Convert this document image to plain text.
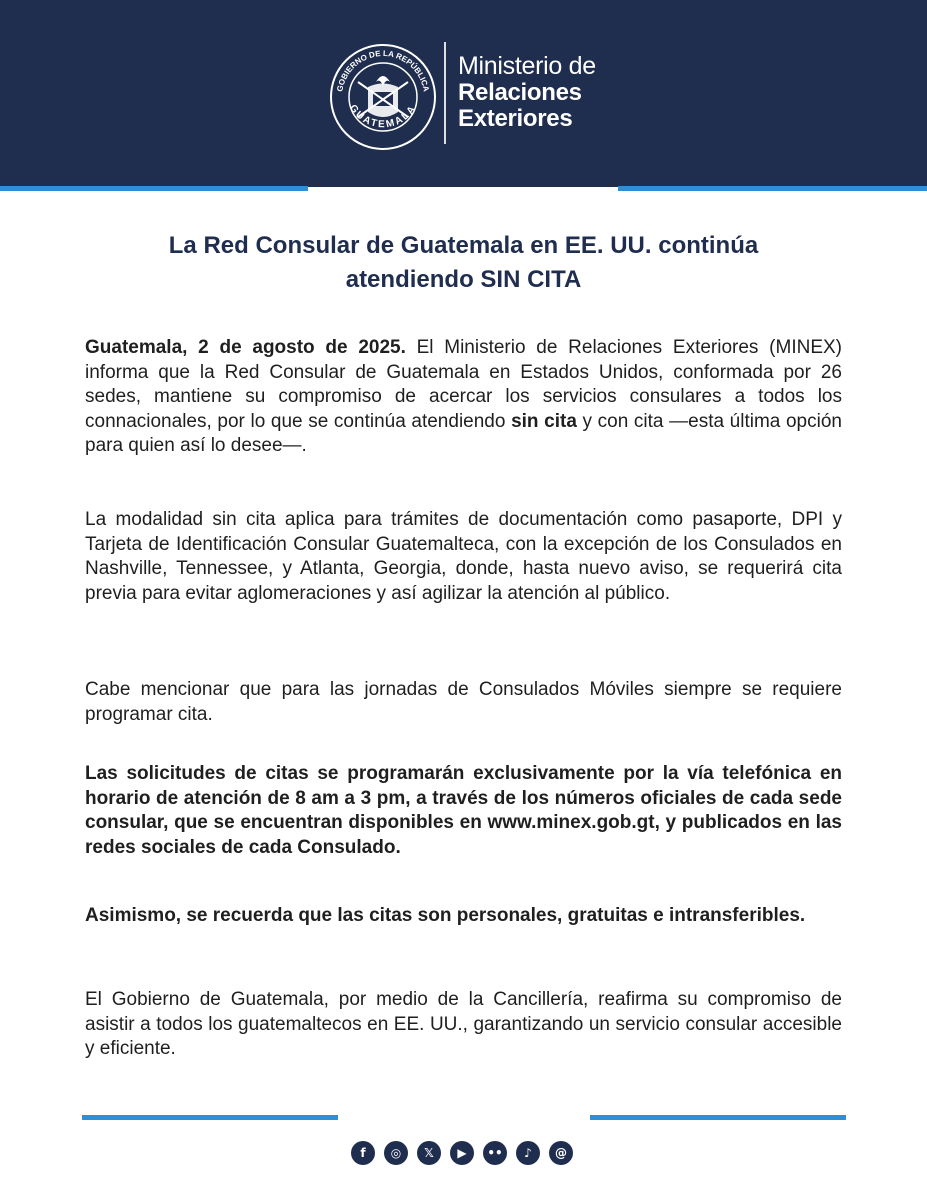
GOBIERNO DE LA REPÚBLICA
GUATEMALA
Ministerio de
Relaciones
Exteriores
La Red Consular de Guatemala en EE. UU. continúa
atendiendo SIN CITA
Guatemala, 2 de agosto de 2025. El Ministerio de Relaciones Exteriores (MINEX) informa que la Red Consular de Guatemala en Estados Unidos, conformada por 26 sedes, mantiene su compromiso de acercar los servicios consulares a todos los connacionales, por lo que se continúa atendiendo sin cita y con cita —esta última opción para quien así lo desee—.
La modalidad sin cita aplica para trámites de documentación como pasaporte, DPI y Tarjeta de Identificación Consular Guatemalteca, con la excepción de los Consulados en Nashville, Tennessee, y Atlanta, Georgia, donde, hasta nuevo aviso, se requerirá cita previa para evitar aglomeraciones y así agilizar la atención al público.
Cabe mencionar que para las jornadas de Consulados Móviles siempre se requiere programar cita.
Las solicitudes de citas se programarán exclusivamente por la vía telefónica en horario de atención de 8 am a 3 pm, a través de los números oficiales de cada sede consular, que se encuentran disponibles en www.minex.gob.gt, y publicados en las redes sociales de cada Consulado.
Asimismo, se recuerda que las citas son personales, gratuitas e intransferibles.
El Gobierno de Guatemala, por medio de la Cancillería, reafirma su compromiso de asistir a todos los guatemaltecos en EE. UU., garantizando un servicio consular accesible y eficiente.
f	◎	𝕏	▶	••	♪	@
